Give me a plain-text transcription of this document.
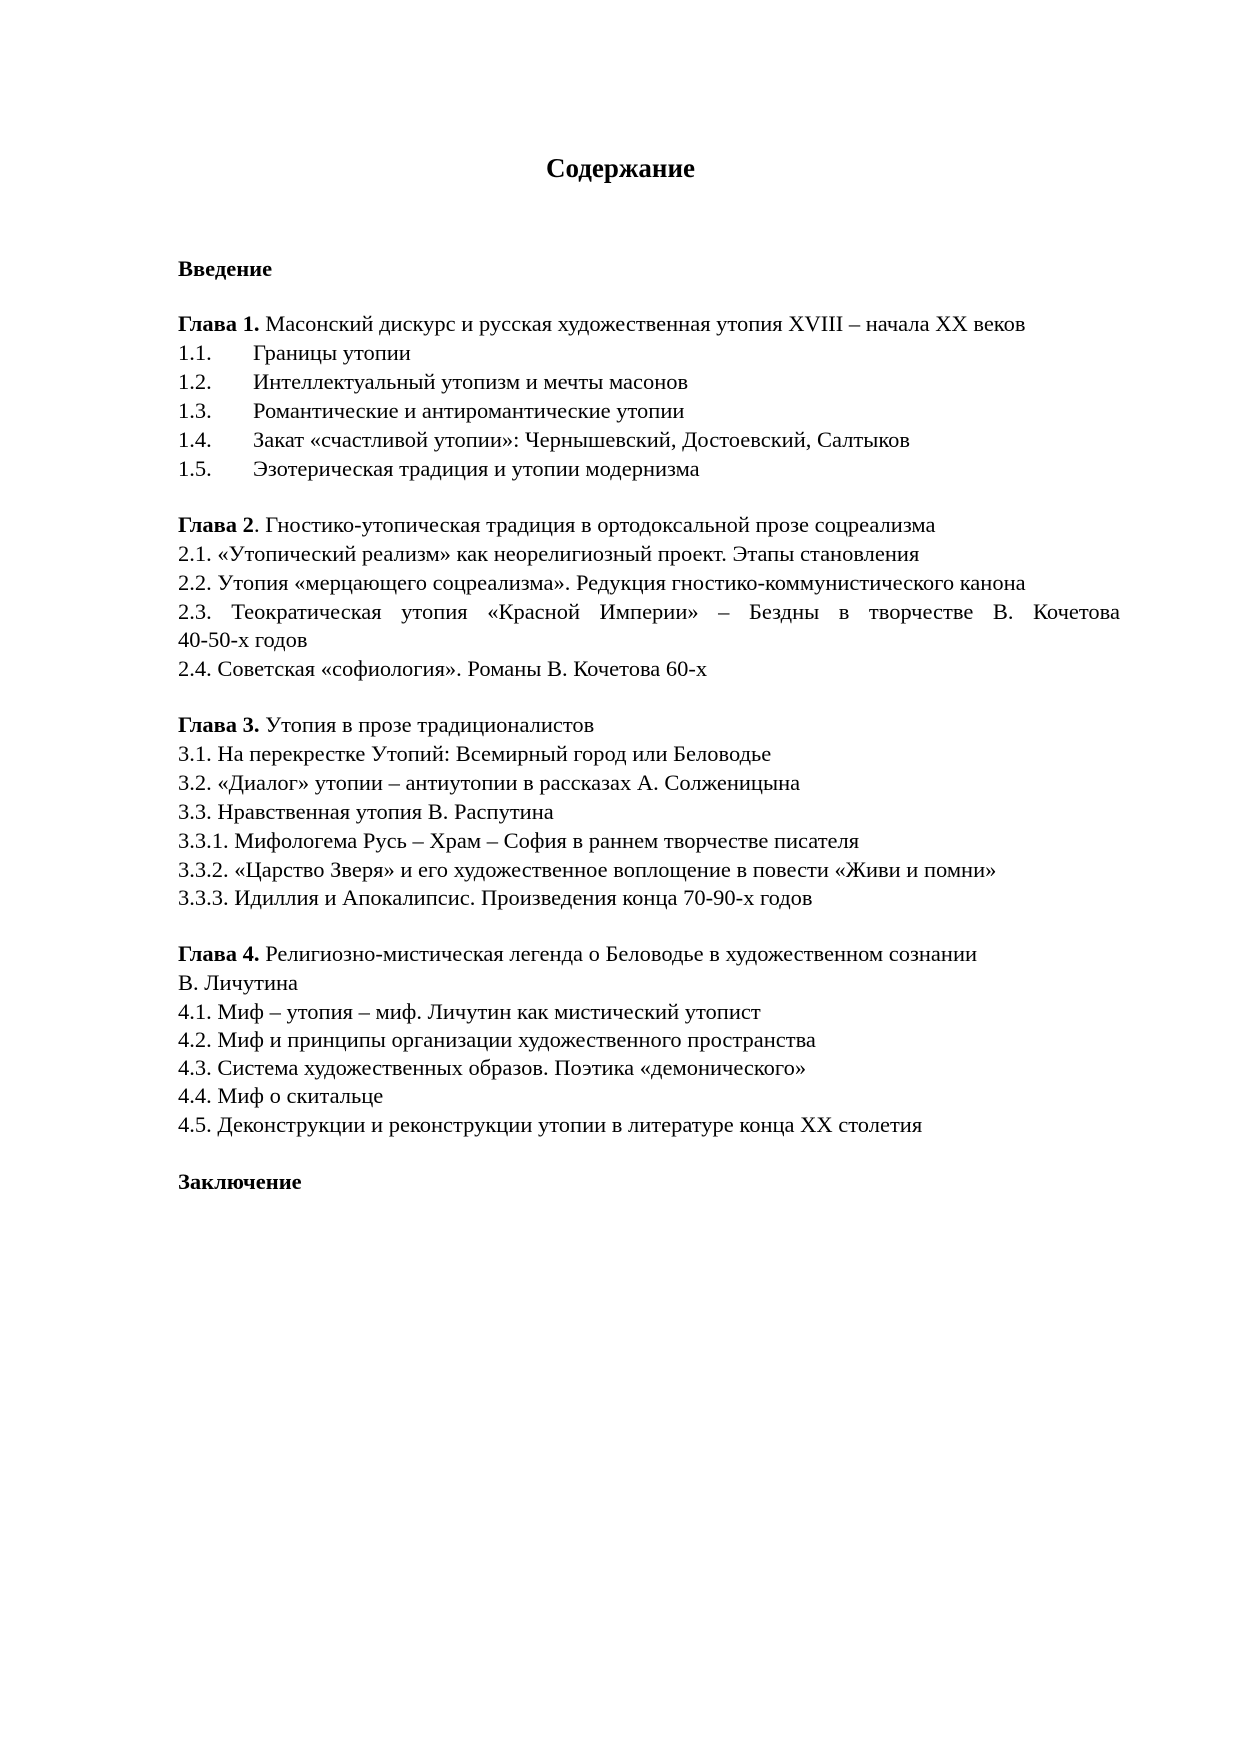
Содержание
Введение
Глава 1. Масонский дискурс и русская художественная утопия XVIII – начала XX веков
1.1. Границы утопии
1.2. Интеллектуальный утопизм и мечты масонов
1.3. Романтические и антиромантические утопии
1.4. Закат «счастливой утопии»: Чернышевский, Достоевский, Салтыков
1.5. Эзотерическая традиция и утопии модернизма
Глава 2. Гностико-утопическая традиция в ортодоксальной прозе соцреализма
2.1. «Утопический реализм» как неорелигиозный проект. Этапы становления
2.2. Утопия «мерцающего соцреализма». Редукция гностико-коммунистического канона
2.3. Теократическая утопия «Красной Империи» – Бездны в творчестве В. Кочетова
40-50-х годов
2.4. Советская «софиология». Романы В. Кочетова 60-х
Глава 3. Утопия в прозе традиционалистов
3.1. На перекрестке Утопий: Всемирный город или Беловодье
3.2. «Диалог» утопии – антиутопии в рассказах А. Солженицына
3.3. Нравственная утопия В. Распутина
3.3.1. Мифологема Русь – Храм – София в раннем творчестве писателя
3.3.2. «Царство Зверя» и его художественное воплощение в повести «Живи и помни»
3.3.3. Идиллия и Апокалипсис. Произведения конца 70-90-х годов
Глава 4. Религиозно-мистическая легенда о Беловодье в художественном сознании
В. Личутина
4.1. Миф – утопия – миф. Личутин как мистический утопист
4.2. Миф и принципы организации художественного пространства
4.3. Система художественных образов. Поэтика «демонического»
4.4. Миф о скитальце
4.5. Деконструкции и реконструкции утопии в литературе конца XX столетия
Заключение
